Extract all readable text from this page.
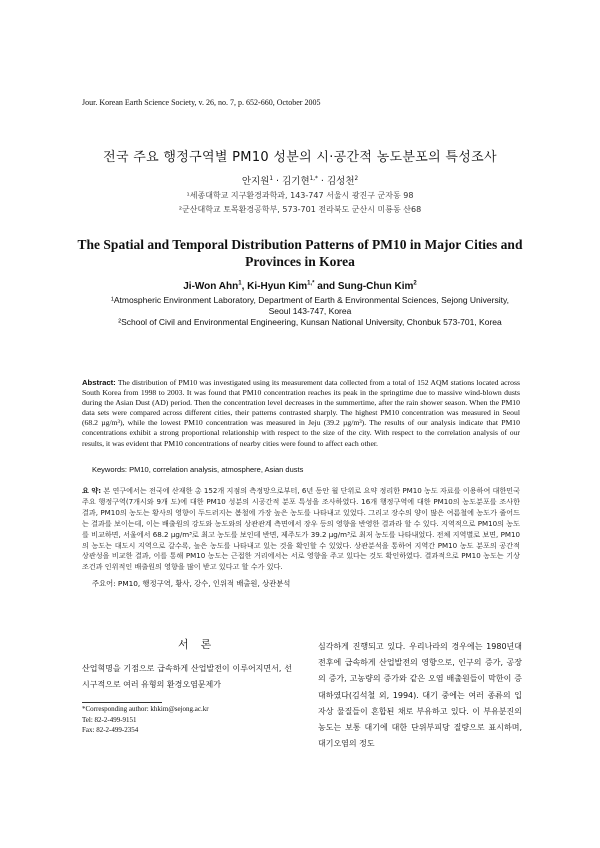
Jour. Korean Earth Science Society, v. 26, no. 7, p. 652-660, October 2005
전국 주요 행정구역별 PM10 성분의 시·공간적 농도분포의 특성조사
안지원$^1$ · 김기현$^{1,*}$ · 김성천$^2$
¹세종대학교 지구환경과학과, 143-747 서울시 광진구 군자동 98
²군산대학교 토목환경공학부, 573-701 전라북도 군산시 미룡동 산68
The Spatial and Temporal Distribution Patterns of PM10 in Major Cities and Provinces in Korea
Ji-Won Ahn$^1$, Ki-Hyun Kim$^{1,*}$ and Sung-Chun Kim$^2$
¹Atmospheric Environment Laboratory, Department of Earth & Environmental Sciences, Sejong University, Seoul 143-747, Korea
²School of Civil and Environmental Engineering, Kunsan National University, Chonbuk 573-701, Korea
Abstract: The distribution of PM10 was investigated using its measurement data collected from a total of 152 AQM stations located across South Korea from 1998 to 2003. It was found that PM10 concentration reaches its peak in the springtime due to massive wind-blown dusts during the Asian Dust (AD) period. Then the concentration level decreases in the summertime, after the rain shower season. When the PM10 data sets were compared across different cities, their patterns contrasted sharply. The highest PM10 concentration was measured in Seoul (68.2 µg/m³), while the lowest PM10 concentration was measured in Jeju (39.2 µg/m³). The results of our analysis indicate that PM10 concentrations exhibit a strong proportional relationship with respect to the size of the city. With respect to the correlation analysis of our results, it was evident that PM10 concentrations of nearby cities were found to affect each other.
Keywords: PM10, correlation analysis, atmosphere, Asian dusts
요 약: 본 연구에서는 전국에 산재한 총 152개 지점의 측정망으로부터, 6년 동안 월 단위로 요약 정리한 PM10 농도 자료를 이용하여 대한민국 주요 행정구역(7개시와 9개 도)에 대한 PM10 성분의 시공간적 분포 특성을 조사하였다. 16개 행정구역에 대한 PM10의 농도분포를 조사한 결과, PM10의 농도는 황사의 영향이 두드러지는 봄철에 가장 높은 농도를 나타내고 있었다. 그리고 장수의 양이 많은 여름철에 농도가 줄어드는 결과를 보이는데, 이는 배출원의 강도와 농도와의 상관관계 측면에서 장우 등의 영향을 반영한 결과라 할 수 있다. 지역적으로 PM10의 농도를 비교하면, 서울에서 68.2 µg/m³로 최고 농도를 보인데 반면, 제주도가 39.2 µg/m³로 최저 농도를 나타내었다. 전체 지역별로 보면, PM10의 농도는 대도시 지역으로 갈수록, 높은 농도를 나타내고 있는 것을 확인할 수 있었다. 상관분석을 통하여 지역간 PM10 농도 분포의 공간적 상관성을 비교한 결과, 이를 통해 PM10 농도는 근접한 거리에서는 서로 영향을 주고 있다는 것도 확인하였다. 결과적으로 PM10 농도는 기상조건과 인위적인 배출원의 영향을 많이 받고 있다고 할 수가 있다.
주요어: PM10, 행정구역, 황사, 강수, 인위적 배출원, 상관분석
서론
산업혁명을 기점으로 급속하게 산업발전이 이루어지면서, 선시구적으로 여러 유형의 환경오염문제가
*Corresponding author: khkim@sejong.ac.kr
Tel: 82-2-499-9151
Fax: 82-2-499-2354
심각하게 진행되고 있다. 우리나라의 경우에는 1980년대 전후에 급속하게 산업발전의 영향으로, 인구의 증가, 공장의 증가, 고농량의 증가와 같은 오염 배출원들이 막한이 증대하였다(김석철 외, 1994). 대기 중에는 여러 종류의 입자상 물질들이 혼합된 채로 부유하고 있다. 이 부유분진의 농도는 보통 대기에 대한 단위부피당 질량으로 표시하며, 대기오염의 정도
